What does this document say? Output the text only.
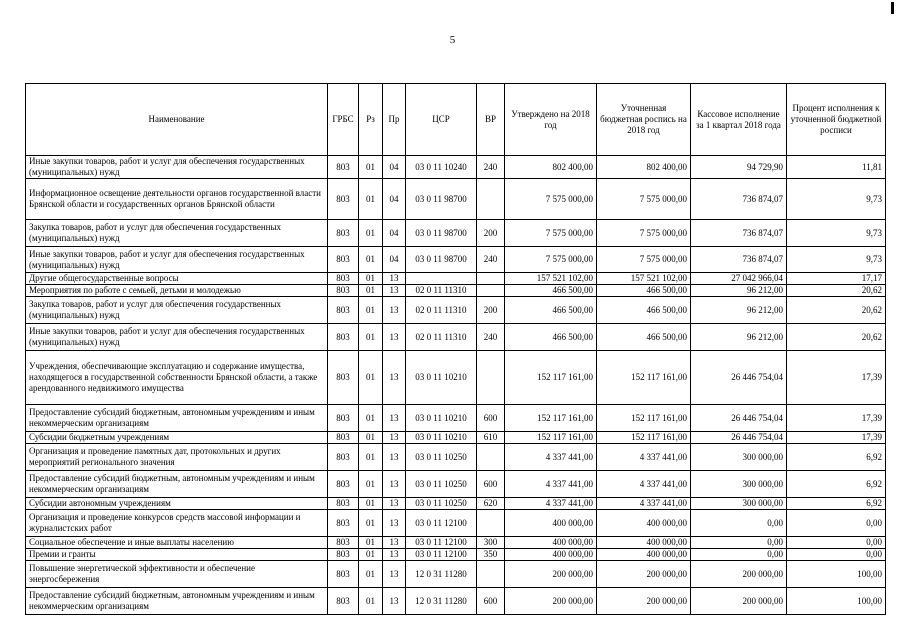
5
Наименование	ГРБС	Рз	Пр	ЦСР	ВР	Утверждено на 2018 год	Уточненная бюджетная роспись на 2018 год	Кассовое исполнение за 1 квартал 2018 года	Процент исполнения к уточненной бюджетной росписи
Иные закупки товаров, работ и услуг для обеспечения государственных (муниципальных) нужд	803	01	04	03 0 11 10240	240	802 400,00	802 400,00	94 729,90	11,81
Информационное освещение деятельности органов государственной власти Брянской области и государственных органов Брянской области	803	01	04	03 0 11 98700		7 575 000,00	7 575 000,00	736 874,07	9,73
Закупка товаров, работ и услуг для обеспечения государственных (муниципальных) нужд	803	01	04	03 0 11 98700	200	7 575 000,00	7 575 000,00	736 874,07	9,73
Иные закупки товаров, работ и услуг для обеспечения государственных (муниципальных) нужд	803	01	04	03 0 11 98700	240	7 575 000,00	7 575 000,00	736 874,07	9,73
Другие общегосударственные вопросы	803	01	13			157 521 102,00	157 521 102,00	27 042 966,04	17,17
Мероприятия по работе с семьей, детьми и молодежью	803	01	13	02 0 11 11310		466 500,00	466 500,00	96 212,00	20,62
Закупка товаров, работ и услуг для обеспечения государственных (муниципальных) нужд	803	01	13	02 0 11 11310	200	466 500,00	466 500,00	96 212,00	20,62
Иные закупки товаров, работ и услуг для обеспечения государственных (муниципальных) нужд	803	01	13	02 0 11 11310	240	466 500,00	466 500,00	96 212,00	20,62
Учреждения, обеспечивающие эксплуатацию и содержание имущества, находящегося в государственной собственности Брянской области, а также арендованного недвижимого имущества	803	01	13	03 0 11 10210		152 117 161,00	152 117 161,00	26 446 754,04	17,39
Предоставление субсидий бюджетным, автономным учреждениям и иным некоммерческим организациям	803	01	13	03 0 11 10210	600	152 117 161,00	152 117 161,00	26 446 754,04	17,39
Субсидии бюджетным учреждениям	803	01	13	03 0 11 10210	610	152 117 161,00	152 117 161,00	26 446 754,04	17,39
Организация и проведение памятных дат, протокольных и других мероприятий регионального значения	803	01	13	03 0 11 10250		4 337 441,00	4 337 441,00	300 000,00	6,92
Предоставление субсидий бюджетным, автономным учреждениям и иным некоммерческим организациям	803	01	13	03 0 11 10250	600	4 337 441,00	4 337 441,00	300 000,00	6,92
Субсидии автономным учреждениям	803	01	13	03 0 11 10250	620	4 337 441,00	4 337 441,00	300 000,00	6,92
Организация и проведение конкурсов средств массовой информации и журналистских работ	803	01	13	03 0 11 12100		400 000,00	400 000,00	0,00	0,00
Социальное обеспечение и иные выплаты населению	803	01	13	03 0 11 12100	300	400 000,00	400 000,00	0,00	0,00
Премии и гранты	803	01	13	03 0 11 12100	350	400 000,00	400 000,00	0,00	0,00
Повышение энергетической эффективности и обеспечение энергосбережения	803	01	13	12 0 31 11280		200 000,00	200 000,00	200 000,00	100,00
Предоставление субсидий бюджетным, автономным учреждениям и иным некоммерческим организациям	803	01	13	12 0 31 11280	600	200 000,00	200 000,00	200 000,00	100,00
